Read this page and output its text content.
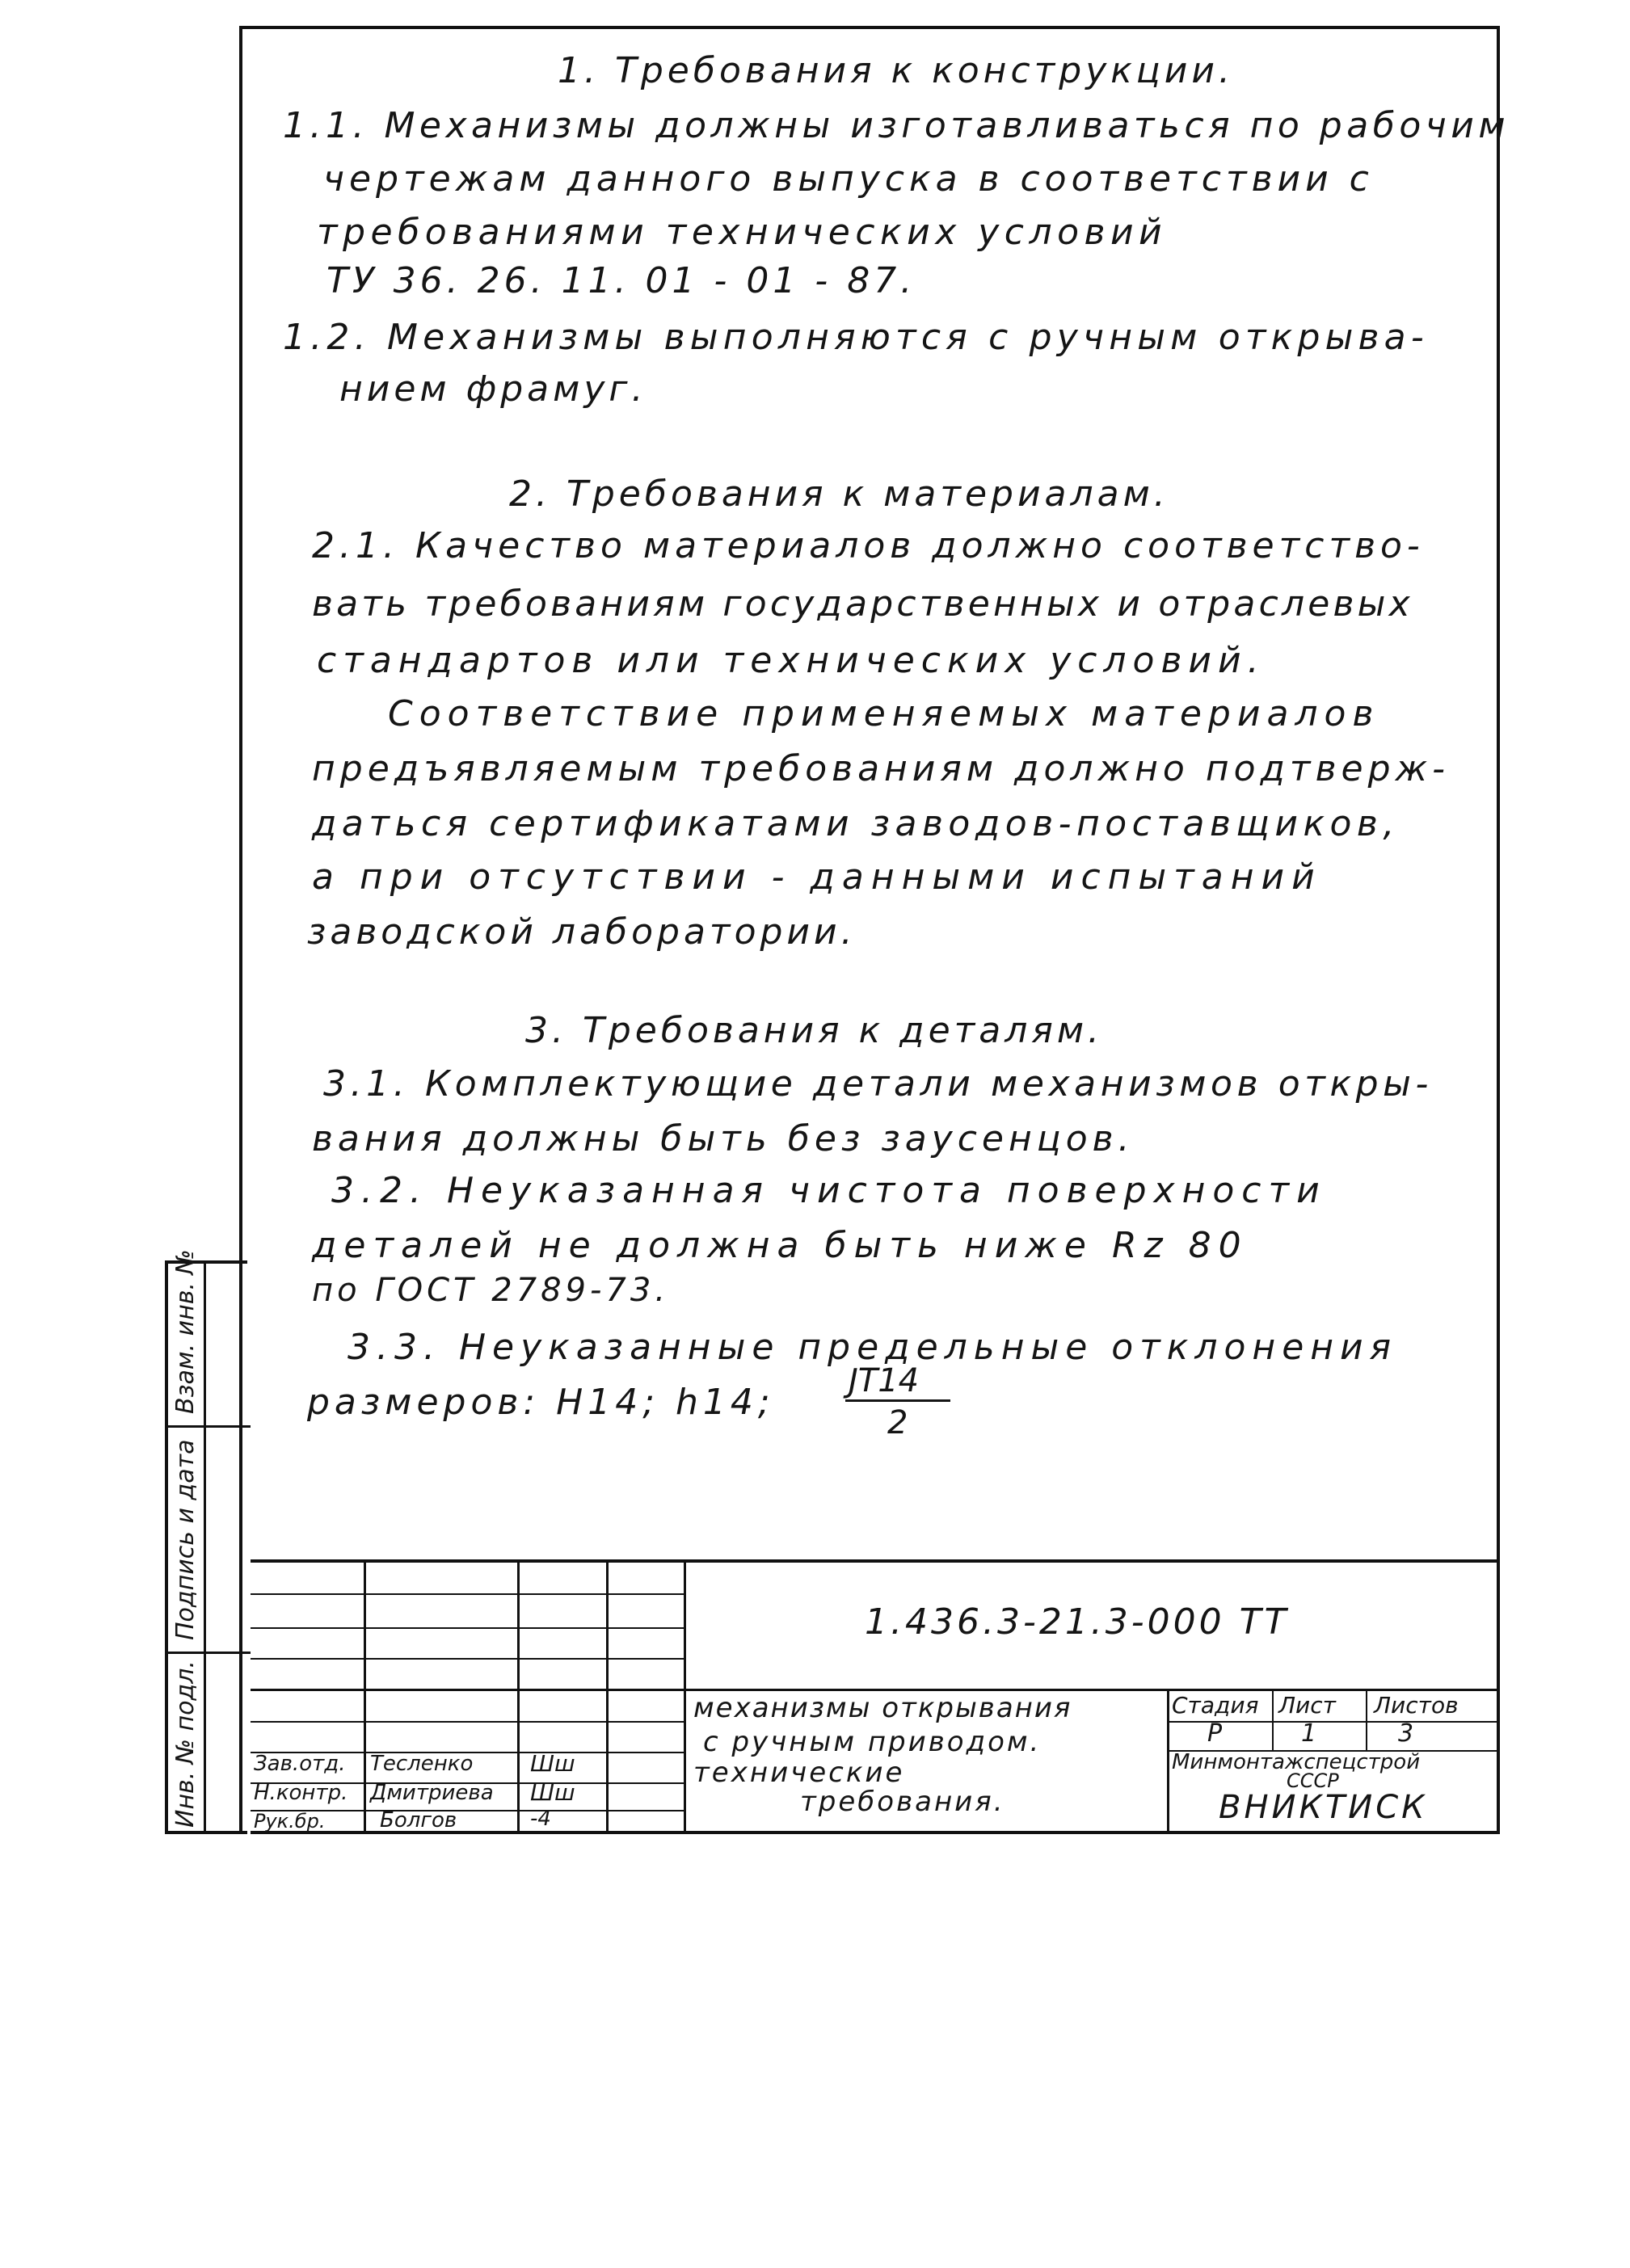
1. Требования к конструкции.
1.1. Механизмы должны изготавливаться по рабочим
чертежам данного выпуска в соответствии с
требованиями технических условий
ТУ 36. 26. 11. 01 - 01 - 87.
1.2. Механизмы выполняются с ручным открыва-
нием фрамуг.
2. Требования к материалам.
2.1. Качество материалов должно соответство-
вать требованиям государственных и отраслевых
стандартов или технических условий.
Соответствие применяемых материалов
предъявляемым требованиям должно подтверж-
даться сертификатами заводов-поставщиков,
а при отсутствии - данными испытаний
заводской лаборатории.
3. Требования к деталям.
3.1. Комплектующие детали механизмов откры-
вания должны быть без заусенцов.
3.2. Неуказанная чистота поверхности
деталей не должна быть ниже Rz 80
по ГОСТ 2789-73.
3.3. Неуказанные предельные отклонения
размеров: H14; h14;
JT14
2
Взам. инв. №
Подпись и дата
Инв. № подл.
1.436.3-21.3-000 ТТ
механизмы открывания
с ручным приводом.
технические
требования.
Стадия Лист Листов
Р	1	3
Минмонтажспецстрой
СССР
ВНИКТИСК
Зав.отд. Тесленко	Шш
Н.контр. Дмитриева Шш
Рук.бр.	Болгов	-4
